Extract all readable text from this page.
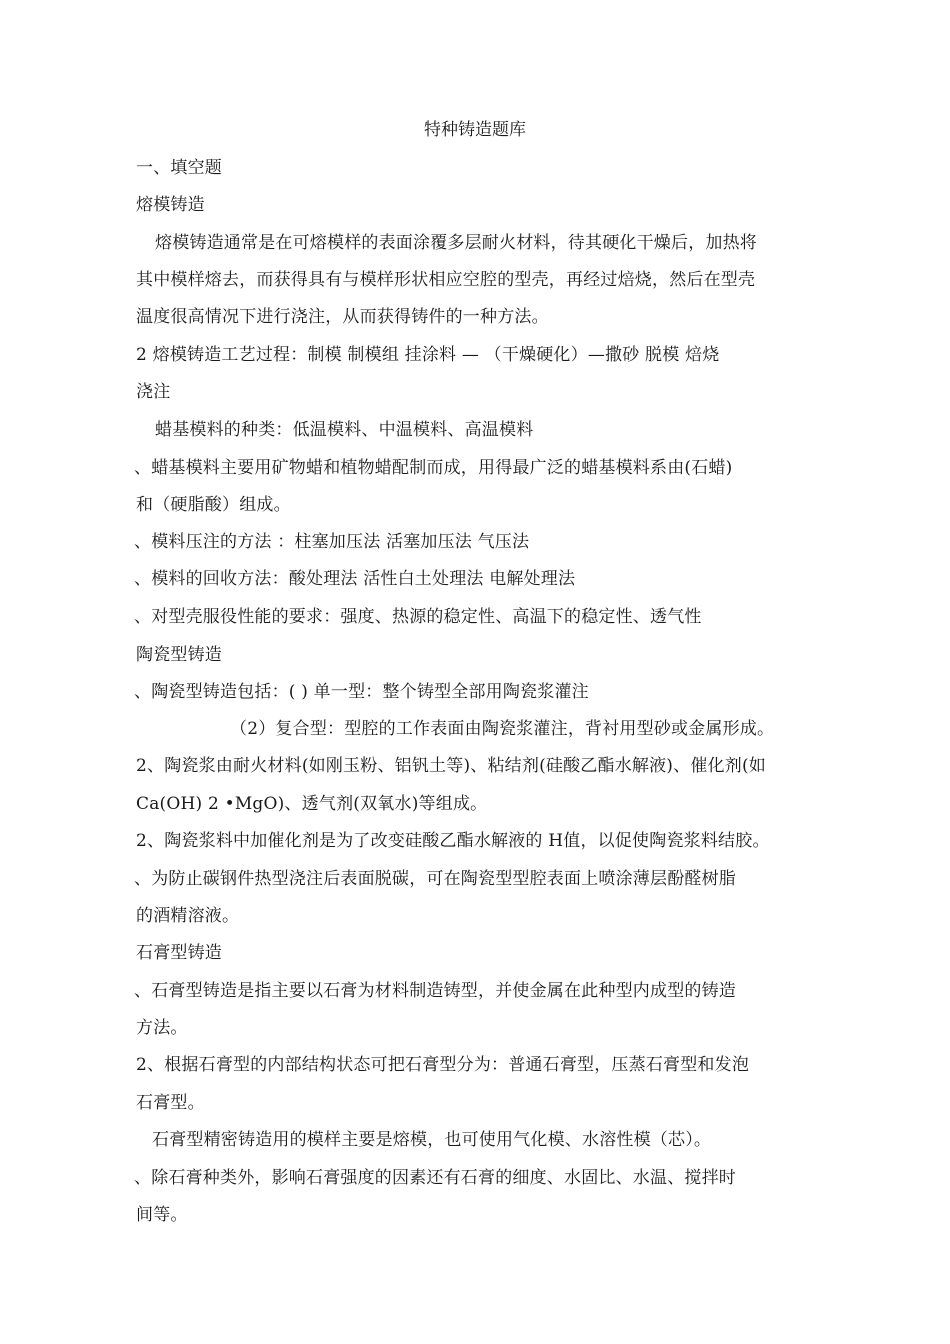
特种铸造题库
一、填空题
熔模铸造
熔模铸造通常是在可熔模样的表面涂覆多层耐火材料，待其硬化干燥后，加热将
其中模样熔去，而获得具有与模样形状相应空腔的型壳，再经过焙烧，然后在型壳
温度很高情况下进行浇注，从而获得铸件的一种方法。
2 熔模铸造工艺过程：制模 制模组 挂涂料 — （干燥硬化）—撒砂 脱模 焙烧
浇注
蜡基模料的种类：低温模料、中温模料、高温模料
、蜡基模料主要用矿物蜡和植物蜡配制而成，用得最广泛的蜡基模料系由(石蜡)
和（硬脂酸）组成。
、模料压注的方法 ：柱塞加压法 活塞加压法 气压法
、模料的回收方法：酸处理法 活性白土处理法 电解处理法
、对型壳服役性能的要求：强度、热源的稳定性、高温下的稳定性、透气性
陶瓷型铸造
、陶瓷型铸造包括：( ) 单一型：整个铸型全部用陶瓷浆灌注
（2）复合型：型腔的工作表面由陶瓷浆灌注，背衬用型砂或金属形成。
2、陶瓷浆由耐火材料(如刚玉粉、铝钒土等)、粘结剂(硅酸乙酯水解液)、催化剂(如
Ca(OH) 2 •MgO)、透气剂(双氧水)等组成。
2、陶瓷浆料中加催化剂是为了改变硅酸乙酯水解液的 H值，以促使陶瓷浆料结胶。
、为防止碳钢件热型浇注后表面脱碳，可在陶瓷型型腔表面上喷涂薄层酚醛树脂
的酒精溶液。
石膏型铸造
、石膏型铸造是指主要以石膏为材料制造铸型，并使金属在此种型内成型的铸造
方法。
2、根据石膏型的内部结构状态可把石膏型分为：普通石膏型，压蒸石膏型和发泡
石膏型。
石膏型精密铸造用的模样主要是熔模，也可使用气化模、水溶性模（芯）。
、除石膏种类外，影响石膏强度的因素还有石膏的细度、水固比、水温、搅拌时
间等。
